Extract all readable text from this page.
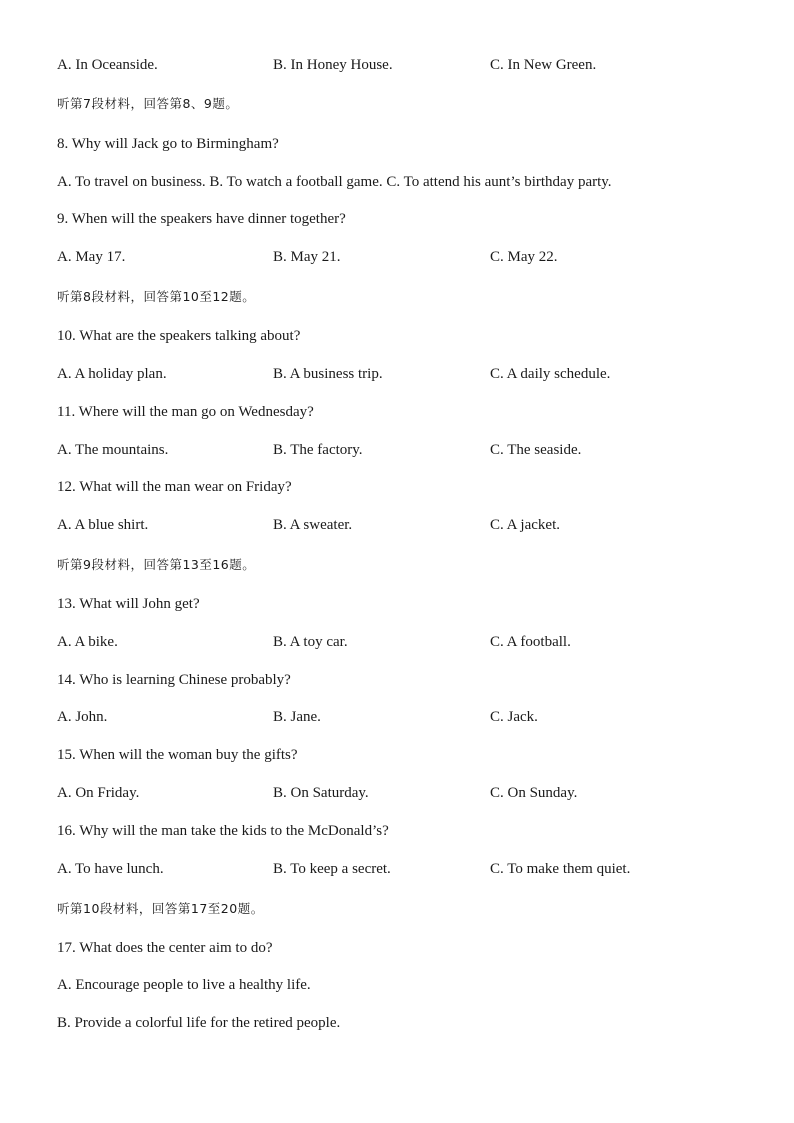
A. In Oceanside.	B. In Honey House.	C. In New Green.
听第7段材料，回答第8、9题。
8. Why will Jack go to Birmingham?
A. To travel on business. B. To watch a football game. C. To attend his aunt’s birthday party.
9. When will the speakers have dinner together?
A. May 17.	B. May 21.	C. May 22.
听第8段材料，回答第10至12题。
10. What are the speakers talking about?
A. A holiday plan.	B. A business trip.	C. A daily schedule.
11. Where will the man go on Wednesday?
A. The mountains.	B. The factory.	C. The seaside.
12. What will the man wear on Friday?
A. A blue shirt.	B. A sweater.	C. A jacket.
听第9段材料，回答第13至16题。
13. What will John get?
A. A bike.	B. A toy car.	C. A football.
14. Who is learning Chinese probably?
A. John.	B. Jane.	C. Jack.
15. When will the woman buy the gifts?
A. On Friday.	B. On Saturday.	C. On Sunday.
16. Why will the man take the kids to the McDonald’s?
A. To have lunch.	B. To keep a secret.	C. To make them quiet.
听第10段材料，回答第17至20题。
17. What does the center aim to do?
A. Encourage people to live a healthy life.
B. Provide a colorful life for the retired people.
